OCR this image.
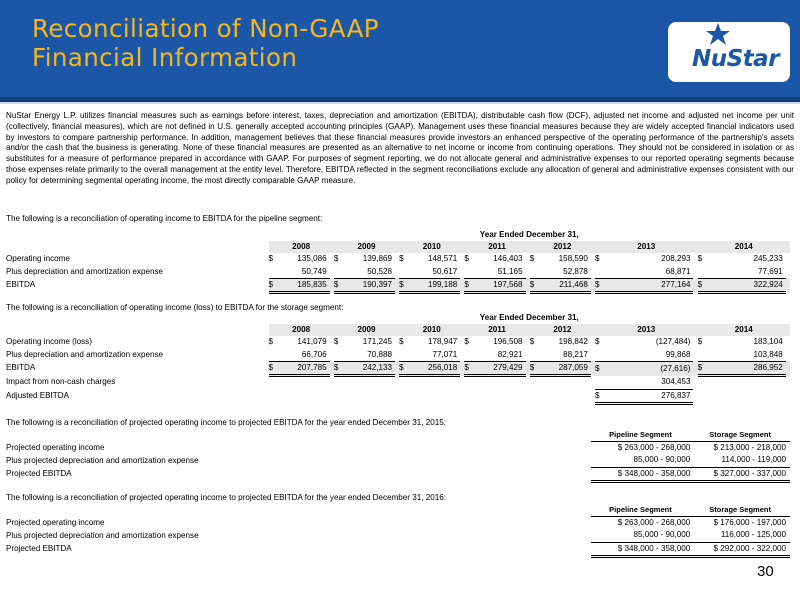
Reconciliation of Non-GAAP
Financial Information	NuStar
NuStar Energy L.P. utilizes financial measures such as earnings before interest, taxes, depreciation and amortization (EBITDA), distributable cash flow (DCF), adjusted net income and adjusted net income per unit (collectively, financial measures), which are not defined in U.S. generally accepted accounting principles (GAAP). Management uses these financial measures because they are widely accepted financial indicators used by investors to compare partnership performance. In addition, management believes that these financial measures provide investors an enhanced perspective of the operating performance of the partnership's assets and/or the cash that the business is generating. None of these financial measures are presented as an alternative to net income or income from continuing operations. They should not be considered in isolation or as substitutes for a measure of performance prepared in accordance with GAAP. For purposes of segment reporting, we do not allocate general and administrative expenses to our reported operating segments because those expenses relate primarily to the overall management at the entity level. Therefore, EBITDA reflected in the segment reconciliations exclude any allocation of general and administrative expenses consistent with our policy for determining segmental operating income, the most directly comparable GAAP measure.
The following is a reconciliation of operating income to EBITDA for the pipeline segment:
	Year Ended December 31,																				
	2008			2009			2010			2011			2012			2013			2014		
Operating income	$	135,086		$	139,869		$	148,571		$	146,403		$	158,590		$	208,293		$	245,233	
Plus depreciation and amortization expense		50,749			50,528			50,617			51,165			52,878			68,871			77,691	
EBITDA	$	185,835		$	190,397		$	199,188		$	197,568		$	211,468		$	277,164		$	322,924	
The following is a reconciliation of operating income (loss) to EBITDA for the storage segment:
	Year Ended December 31,																				
	2008			2009			2010			2011			2012			2013			2014		
Operating income (loss)	$	141,079		$	171,245		$	178,947		$	196,508		$	198,842		$	(127,484)		$	183,104	
Plus depreciation and amortization expense		66,706			70,888			77,071			82,921			88,217			99,868			103,848	
EBITDA	$	207,785		$	242,133		$	256,018		$	279,429		$	287,059		$	(27,616)		$	286,952	
Impact from non-cash charges																	304,453				
Adjusted EBITDA																$	276,837				
The following is a reconciliation of projected operating income to projected EBITDA for the year ended December 31, 2015:
	Pipeline Segment	Storage Segment
Projected operating income	$ 263,000 - 268,000	$ 213,000 - 218,000
Plus projected depreciation and amortization expense	85,000 - 90,000	114,000 - 119,000
Projected EBITDA	$ 348,000 - 358,000	$ 327,000 - 337,000
The following is a reconciliation of projected operating income to projected EBITDA for the year ended December 31, 2016:
	Pipeline Segment	Storage Segment
Projected operating income	$ 263,000 - 268,000	$ 176,000 - 197,000
Plus projected depreciation and amortization expense	85,000 - 90,000	116,000 - 125,000
Projected EBITDA	$ 348,000 - 358,000	$ 292,000 - 322,000
30
